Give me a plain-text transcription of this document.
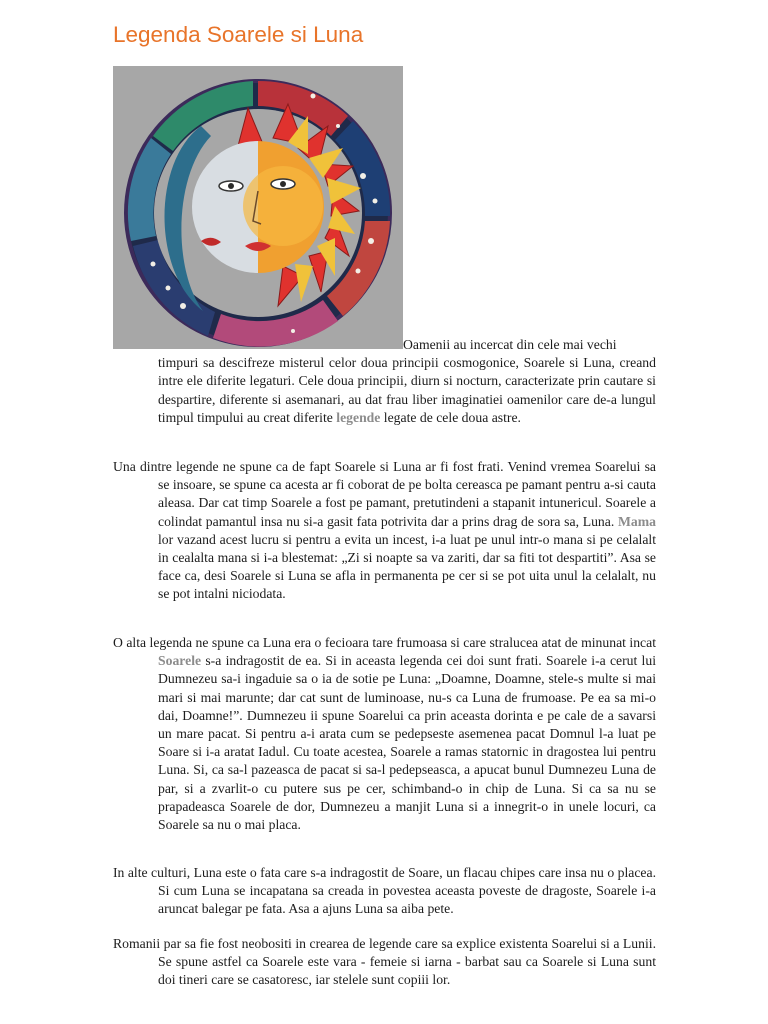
Legenda Soarele si Luna
Oamenii au incercat din cele mai vechi
timpuri sa descifreze misterul celor doua principii cosmogonice, Soarele si Luna, creand intre ele diferite legaturi. Cele doua principii, diurn si nocturn, caracterizate prin cautare si despartire, diferente si asemanari, au dat frau liber imaginatiei oamenilor care de-a lungul timpul timpului au creat diferite legende legate de cele doua astre.

Una dintre legende ne spune ca de fapt Soarele si Luna ar fi fost frati. Venind vremea Soarelui sa se insoare, se spune ca acesta ar fi coborat de pe bolta cereasca pe pamant pentru a-si cauta aleasa. Dar cat timp Soarele a fost pe pamant, pretutindeni a stapanit intunericul. Soarele a colindat pamantul insa nu si-a gasit fata potrivita dar a prins drag de sora sa, Luna. Mama lor vazand acest lucru si pentru a evita un incest, i-a luat pe unul intr-o mana si pe celalalt in cealalta mana si i-a blestemat: „Zi si noapte sa va zariti, dar sa fiti tot despartiti”. Asa se face ca, desi Soarele si Luna se afla in permanenta pe cer si se pot uita unul la celalalt, nu se pot intalni niciodata.

O alta legenda ne spune ca Luna era o fecioara tare frumoasa si care stralucea atat de minunat incat Soarele s-a indragostit de ea. Si in aceasta legenda cei doi sunt frati. Soarele i-a cerut lui Dumnezeu sa-i ingaduie sa o ia de sotie pe Luna: „Doamne, Doamne, stele-s multe si mai mari si mai marunte; dar cat sunt de luminoase, nu-s ca Luna de frumoase. Pe ea sa mi-o dai, Doamne!”. Dumnezeu ii spune Soarelui ca prin aceasta dorinta e pe cale de a savarsi un mare pacat. Si pentru a-i arata cum se pedepseste asemenea pacat Domnul l-a luat pe Soare si i-a aratat Iadul. Cu toate acestea, Soarele a ramas statornic in dragostea lui pentru Luna. Si, ca sa-l pazeasca de pacat si sa-l pedepseasca, a apucat bunul Dumnezeu Luna de par, si a zvarlit-o cu putere sus pe cer, schimband-o in chip de Luna. Si ca sa nu se prapadeasca Soarele de dor, Dumnezeu a manjit Luna si a innegrit-o in unele locuri, ca Soarele sa nu o mai placa.

In alte culturi, Luna este o fata care s-a indragostit de Soare, un flacau chipes care insa nu o placea. Si cum Luna se incapatana sa creada in povestea aceasta poveste de dragoste, Soarele i-a aruncat balegar pe fata. Asa a ajuns Luna sa aiba pete.

Romanii par sa fie fost neobositi in crearea de legende care sa explice existenta Soarelui si a Lunii. Se spune astfel ca Soarele este vara - femeie si iarna - barbat sau ca Soarele si Luna sunt doi tineri care se casatoresc, iar stelele sunt copiii lor.
